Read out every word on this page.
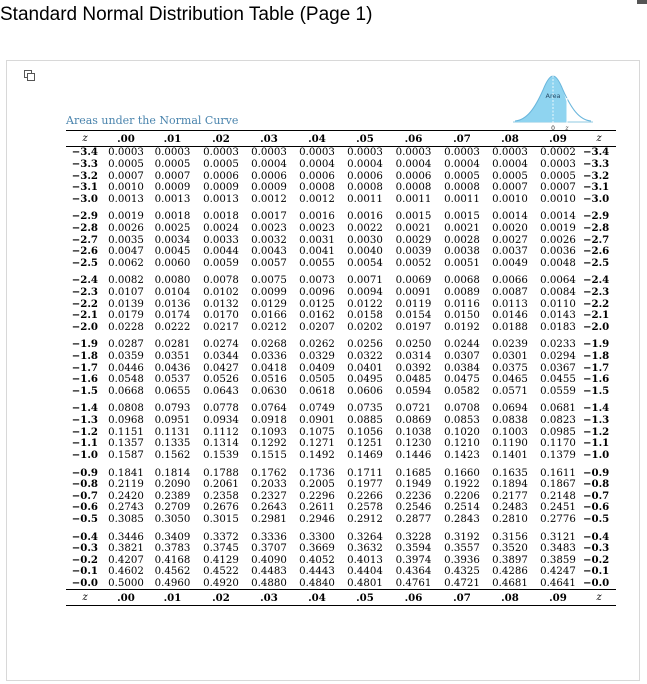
Standard Normal Distribution Table (Page 1)
Area
0 z
Areas under the Normal Curve
z	.00	.01	.02	.03	.04	.05	.06	.07	.08	.09	z
−3.4	0.0003	0.0003	0.0003	0.0003	0.0003	0.0003	0.0003	0.0003	0.0003	0.0002	−3.4
−3.3	0.0005	0.0005	0.0005	0.0004	0.0004	0.0004	0.0004	0.0004	0.0004	0.0003	−3.3
−3.2	0.0007	0.0007	0.0006	0.0006	0.0006	0.0006	0.0006	0.0005	0.0005	0.0005	−3.2
−3.1	0.0010	0.0009	0.0009	0.0009	0.0008	0.0008	0.0008	0.0008	0.0007	0.0007	−3.1
−3.0	0.0013	0.0013	0.0013	0.0012	0.0012	0.0011	0.0011	0.0011	0.0010	0.0010	−3.0
−2.9	0.0019	0.0018	0.0018	0.0017	0.0016	0.0016	0.0015	0.0015	0.0014	0.0014	−2.9
−2.8	0.0026	0.0025	0.0024	0.0023	0.0023	0.0022	0.0021	0.0021	0.0020	0.0019	−2.8
−2.7	0.0035	0.0034	0.0033	0.0032	0.0031	0.0030	0.0029	0.0028	0.0027	0.0026	−2.7
−2.6	0.0047	0.0045	0.0044	0.0043	0.0041	0.0040	0.0039	0.0038	0.0037	0.0036	−2.6
−2.5	0.0062	0.0060	0.0059	0.0057	0.0055	0.0054	0.0052	0.0051	0.0049	0.0048	−2.5
−2.4	0.0082	0.0080	0.0078	0.0075	0.0073	0.0071	0.0069	0.0068	0.0066	0.0064	−2.4
−2.3	0.0107	0.0104	0.0102	0.0099	0.0096	0.0094	0.0091	0.0089	0.0087	0.0084	−2.3
−2.2	0.0139	0.0136	0.0132	0.0129	0.0125	0.0122	0.0119	0.0116	0.0113	0.0110	−2.2
−2.1	0.0179	0.0174	0.0170	0.0166	0.0162	0.0158	0.0154	0.0150	0.0146	0.0143	−2.1
−2.0	0.0228	0.0222	0.0217	0.0212	0.0207	0.0202	0.0197	0.0192	0.0188	0.0183	−2.0
−1.9	0.0287	0.0281	0.0274	0.0268	0.0262	0.0256	0.0250	0.0244	0.0239	0.0233	−1.9
−1.8	0.0359	0.0351	0.0344	0.0336	0.0329	0.0322	0.0314	0.0307	0.0301	0.0294	−1.8
−1.7	0.0446	0.0436	0.0427	0.0418	0.0409	0.0401	0.0392	0.0384	0.0375	0.0367	−1.7
−1.6	0.0548	0.0537	0.0526	0.0516	0.0505	0.0495	0.0485	0.0475	0.0465	0.0455	−1.6
−1.5	0.0668	0.0655	0.0643	0.0630	0.0618	0.0606	0.0594	0.0582	0.0571	0.0559	−1.5
−1.4	0.0808	0.0793	0.0778	0.0764	0.0749	0.0735	0.0721	0.0708	0.0694	0.0681	−1.4
−1.3	0.0968	0.0951	0.0934	0.0918	0.0901	0.0885	0.0869	0.0853	0.0838	0.0823	−1.3
−1.2	0.1151	0.1131	0.1112	0.1093	0.1075	0.1056	0.1038	0.1020	0.1003	0.0985	−1.2
−1.1	0.1357	0.1335	0.1314	0.1292	0.1271	0.1251	0.1230	0.1210	0.1190	0.1170	−1.1
−1.0	0.1587	0.1562	0.1539	0.1515	0.1492	0.1469	0.1446	0.1423	0.1401	0.1379	−1.0
−0.9	0.1841	0.1814	0.1788	0.1762	0.1736	0.1711	0.1685	0.1660	0.1635	0.1611	−0.9
−0.8	0.2119	0.2090	0.2061	0.2033	0.2005	0.1977	0.1949	0.1922	0.1894	0.1867	−0.8
−0.7	0.2420	0.2389	0.2358	0.2327	0.2296	0.2266	0.2236	0.2206	0.2177	0.2148	−0.7
−0.6	0.2743	0.2709	0.2676	0.2643	0.2611	0.2578	0.2546	0.2514	0.2483	0.2451	−0.6
−0.5	0.3085	0.3050	0.3015	0.2981	0.2946	0.2912	0.2877	0.2843	0.2810	0.2776	−0.5
−0.4	0.3446	0.3409	0.3372	0.3336	0.3300	0.3264	0.3228	0.3192	0.3156	0.3121	−0.4
−0.3	0.3821	0.3783	0.3745	0.3707	0.3669	0.3632	0.3594	0.3557	0.3520	0.3483	−0.3
−0.2	0.4207	0.4168	0.4129	0.4090	0.4052	0.4013	0.3974	0.3936	0.3897	0.3859	−0.2
−0.1	0.4602	0.4562	0.4522	0.4483	0.4443	0.4404	0.4364	0.4325	0.4286	0.4247	−0.1
−0.0	0.5000	0.4960	0.4920	0.4880	0.4840	0.4801	0.4761	0.4721	0.4681	0.4641	−0.0
z	.00	.01	.02	.03	.04	.05	.06	.07	.08	.09	z
